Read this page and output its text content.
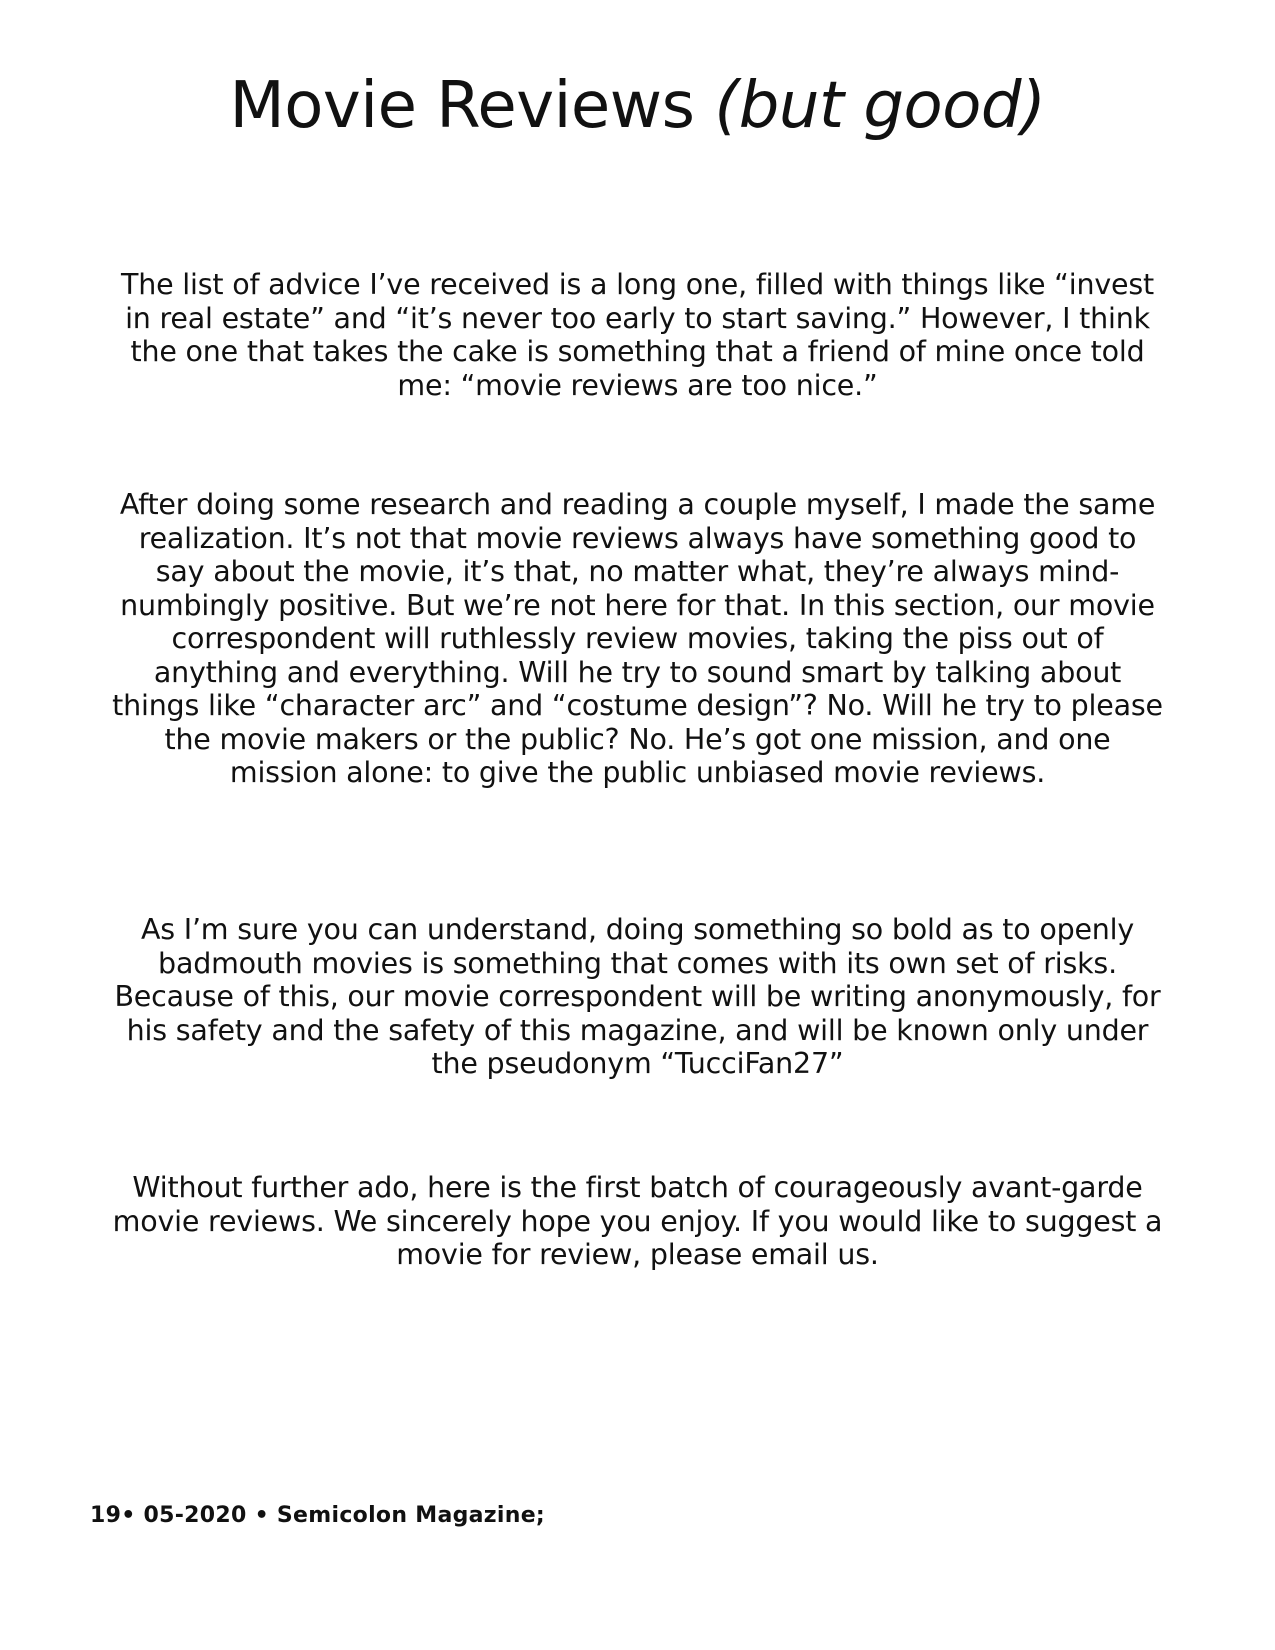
Movie Reviews (but good)

The list of advice I’ve received is a long one, filled with things like “invest in real estate” and “it’s never too early to start saving.” However, I think the one that takes the cake is something that a friend of mine once told me: “movie reviews are too nice.”

After doing some research and reading a couple myself, I made the same realization. It’s not that movie reviews always have something good to say about the movie, it’s that, no matter what, they’re always mind-numbingly positive. But we’re not here for that. In this section, our movie correspondent will ruthlessly review movies, taking the piss out of anything and everything. Will he try to sound smart by talking about things like “character arc” and “costume design”? No. Will he try to please the movie makers or the public? No. He’s got one mission, and one mission alone: to give the public unbiased movie reviews.

As I’m sure you can understand, doing something so bold as to openly badmouth movies is something that comes with its own set of risks. Because of this, our movie correspondent will be writing anonymously, for his safety and the safety of this magazine, and will be known only under the pseudonym “TucciFan27”

Without further ado, here is the first batch of courageously avant-garde movie reviews. We sincerely hope you enjoy. If you would like to suggest a movie for review, please email us.

19• 05-2020 • Semicolon Magazine;
